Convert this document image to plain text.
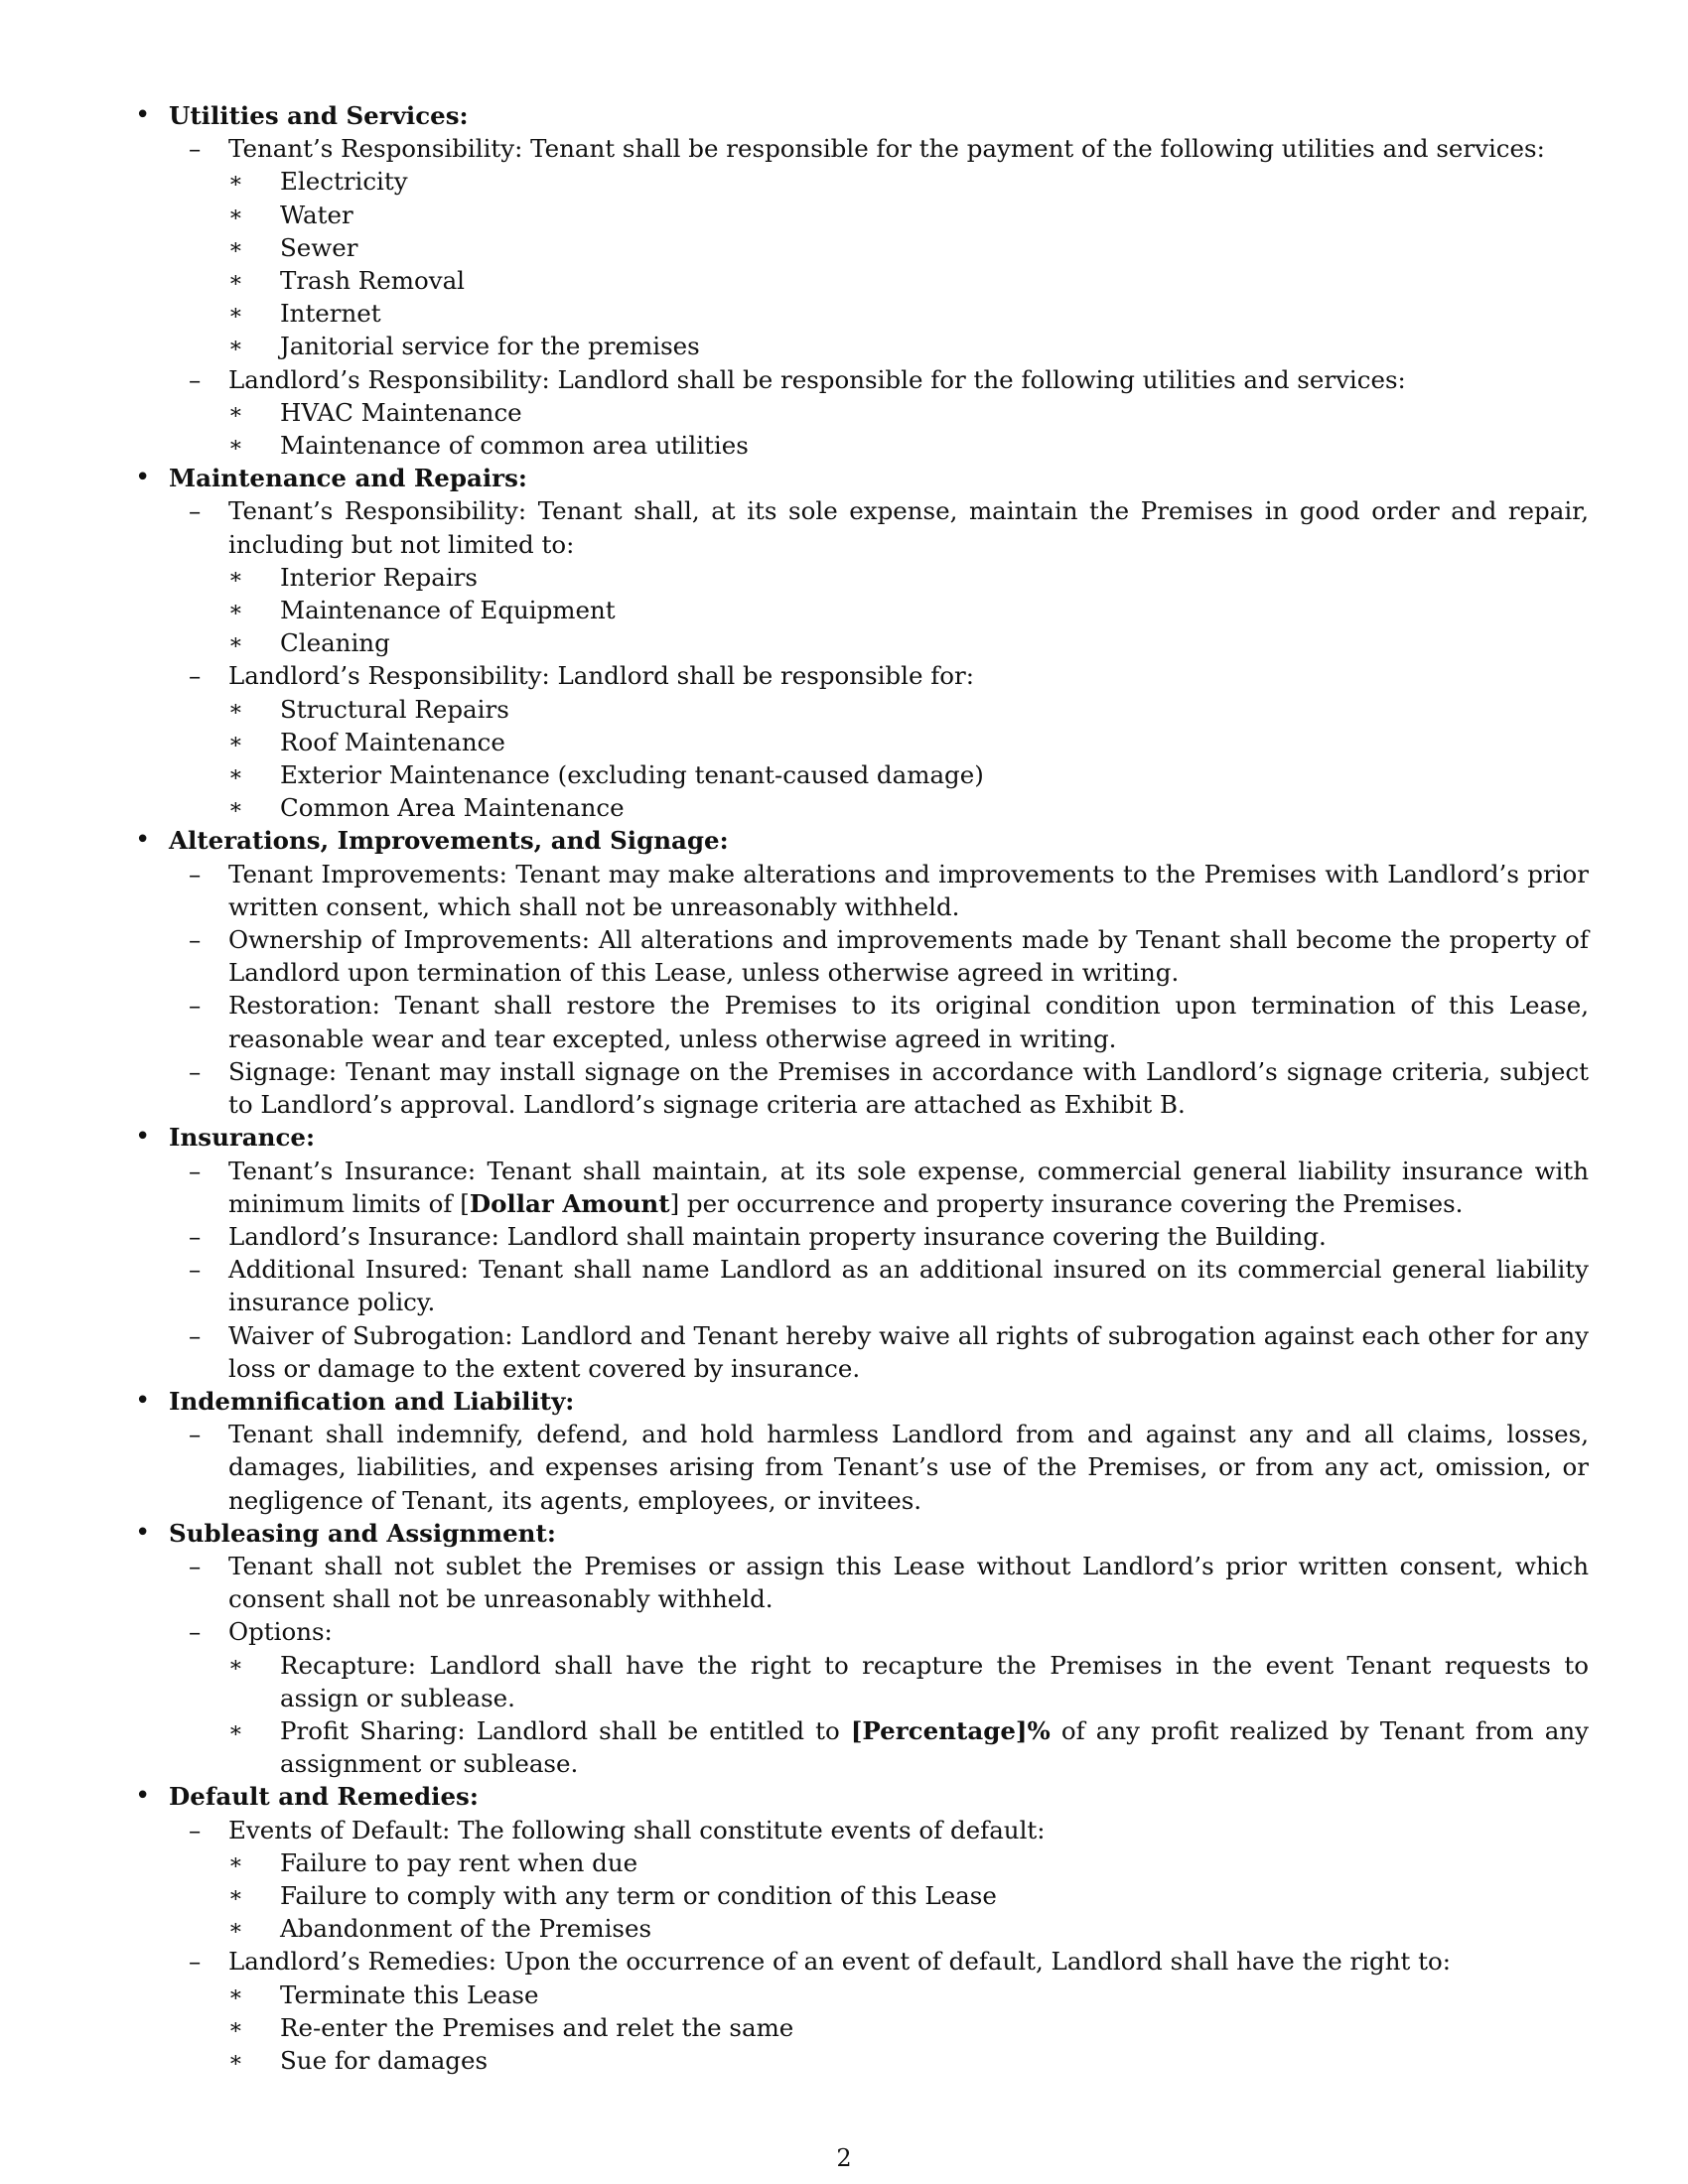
• Utilities and Services:
– Tenant’s Responsibility: Tenant shall be responsible for the payment of the following utilities and services:
∗ Electricity
∗ Water
∗ Sewer
∗ Trash Removal
∗ Internet
∗ Janitorial service for the premises
– Landlord’s Responsibility: Landlord shall be responsible for the following utilities and services:
∗ HVAC Maintenance
∗ Maintenance of common area utilities
• Maintenance and Repairs:
– Tenant’s Responsibility: Tenant shall, at its sole expense, maintain the Premises in good order and repair, including but not limited to:
∗ Interior Repairs
∗ Maintenance of Equipment
∗ Cleaning
– Landlord’s Responsibility: Landlord shall be responsible for:
∗ Structural Repairs
∗ Roof Maintenance
∗ Exterior Maintenance (excluding tenant-caused damage)
∗ Common Area Maintenance
• Alterations, Improvements, and Signage:
– Tenant Improvements: Tenant may make alterations and improvements to the Premises with Landlord’s prior written consent, which shall not be unreasonably withheld.
– Ownership of Improvements: All alterations and improvements made by Tenant shall become the property of Landlord upon termination of this Lease, unless otherwise agreed in writing.
– Restoration: Tenant shall restore the Premises to its original condition upon termination of this Lease, reasonable wear and tear excepted, unless otherwise agreed in writing.
– Signage: Tenant may install signage on the Premises in accordance with Landlord’s signage criteria, subject to Landlord’s approval. Landlord’s signage criteria are attached as Exhibit B.
• Insurance:
– Tenant’s Insurance: Tenant shall maintain, at its sole expense, commercial general liability insurance with minimum limits of [Dollar Amount] per occurrence and property insurance covering the Premises.
– Landlord’s Insurance: Landlord shall maintain property insurance covering the Building.
– Additional Insured: Tenant shall name Landlord as an additional insured on its commercial general liability insurance policy.
– Waiver of Subrogation: Landlord and Tenant hereby waive all rights of subrogation against each other for any loss or damage to the extent covered by insurance.
• Indemnification and Liability:
– Tenant shall indemnify, defend, and hold harmless Landlord from and against any and all claims, losses, damages, liabilities, and expenses arising from Tenant’s use of the Premises, or from any act, omission, or negligence of Tenant, its agents, employees, or invitees.
• Subleasing and Assignment:
– Tenant shall not sublet the Premises or assign this Lease without Landlord’s prior written consent, which consent shall not be unreasonably withheld.
– Options:
∗ Recapture: Landlord shall have the right to recapture the Premises in the event Tenant requests to assign or sublease.
∗ Profit Sharing: Landlord shall be entitled to [Percentage]% of any profit realized by Tenant from any assignment or sublease.
• Default and Remedies:
– Events of Default: The following shall constitute events of default:
∗ Failure to pay rent when due
∗ Failure to comply with any term or condition of this Lease
∗ Abandonment of the Premises
– Landlord’s Remedies: Upon the occurrence of an event of default, Landlord shall have the right to:
∗ Terminate this Lease
∗ Re-enter the Premises and relet the same
∗ Sue for damages
2
